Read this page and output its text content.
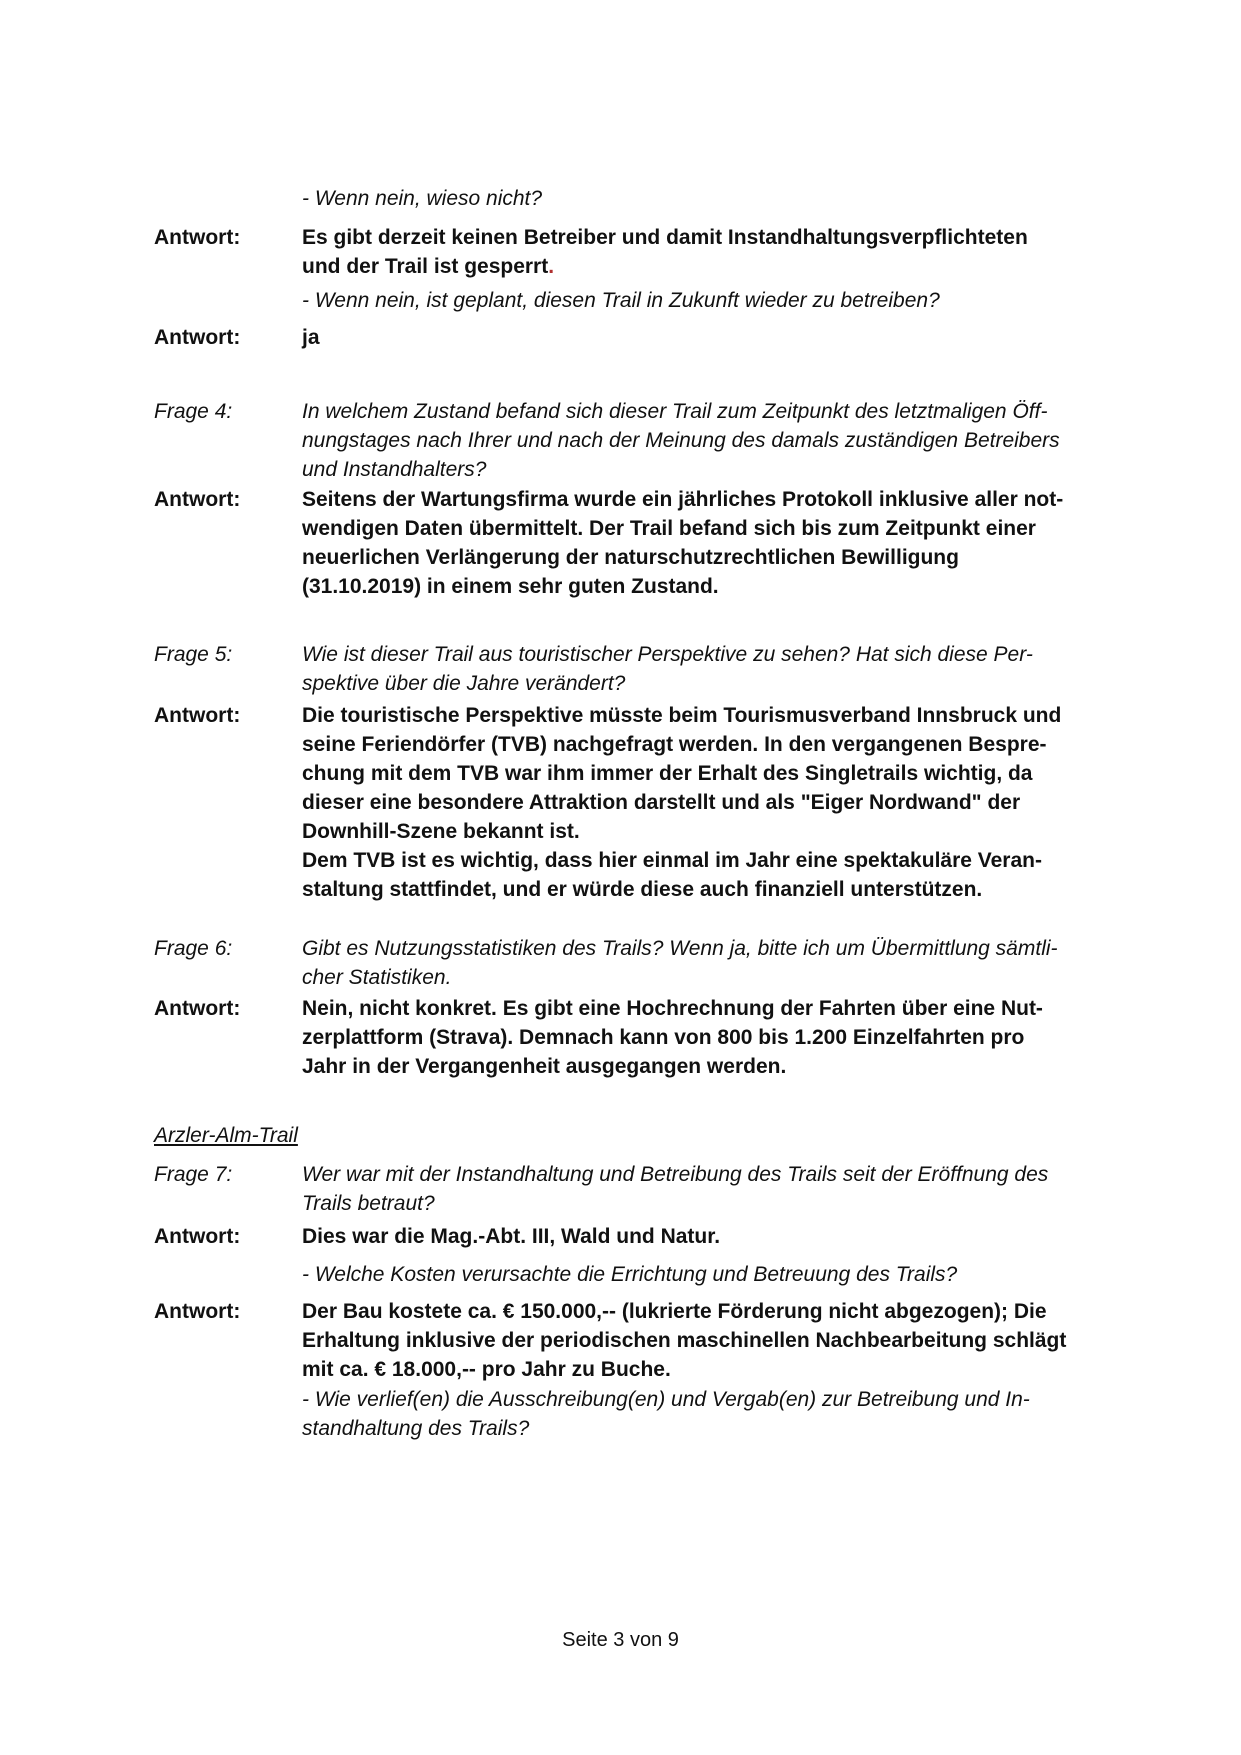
- Wenn nein, wieso nicht?
Antwort:	Es gibt derzeit keinen Betreiber und damit Instandhaltungsverpflichteten
und der Trail ist gesperrt.
- Wenn nein, ist geplant, diesen Trail in Zukunft wieder zu betreiben?
Antwort:	ja
Frage 4:	In welchem Zustand befand sich dieser Trail zum Zeitpunkt des letztmaligen Öff-
nungstages nach Ihrer und nach der Meinung des damals zuständigen Betreibers
und Instandhalters?
Antwort:	Seitens der Wartungsfirma wurde ein jährliches Protokoll inklusive aller not-
wendigen Daten übermittelt. Der Trail befand sich bis zum Zeitpunkt einer
neuerlichen Verlängerung der naturschutzrechtlichen Bewilligung
(31.10.2019) in einem sehr guten Zustand.
Frage 5:	Wie ist dieser Trail aus touristischer Perspektive zu sehen? Hat sich diese Per-
spektive über die Jahre verändert?
Antwort:	Die touristische Perspektive müsste beim Tourismusverband Innsbruck und
seine Feriendörfer (TVB) nachgefragt werden. In den vergangenen Bespre-
chung mit dem TVB war ihm immer der Erhalt des Singletrails wichtig, da
dieser eine besondere Attraktion darstellt und als "Eiger Nordwand" der
Downhill-Szene bekannt ist.
Dem TVB ist es wichtig, dass hier einmal im Jahr eine spektakuläre Veran-
staltung stattfindet, und er würde diese auch finanziell unterstützen.
Frage 6:	Gibt es Nutzungsstatistiken des Trails? Wenn ja, bitte ich um Übermittlung sämtli-
cher Statistiken.
Antwort:	Nein, nicht konkret. Es gibt eine Hochrechnung der Fahrten über eine Nut-
zerplattform (Strava). Demnach kann von 800 bis 1.200 Einzelfahrten pro
Jahr in der Vergangenheit ausgegangen werden.
Frage 7:	Wer war mit der Instandhaltung und Betreibung des Trails seit der Eröffnung des
Trails betraut?
Antwort:	Dies war die Mag.-Abt. III, Wald und Natur.
- Welche Kosten verursachte die Errichtung und Betreuung des Trails?
Antwort:	Der Bau kostete ca. € 150.000,-- (lukrierte Förderung nicht abgezogen); Die
Erhaltung inklusive der periodischen maschinellen Nachbearbeitung schlägt
mit ca. € 18.000,-- pro Jahr zu Buche.
- Wie verlief(en) die Ausschreibung(en) und Vergab(en) zur Betreibung und In-
standhaltung des Trails?
Arzler-Alm-Trail
Seite 3 von 9
